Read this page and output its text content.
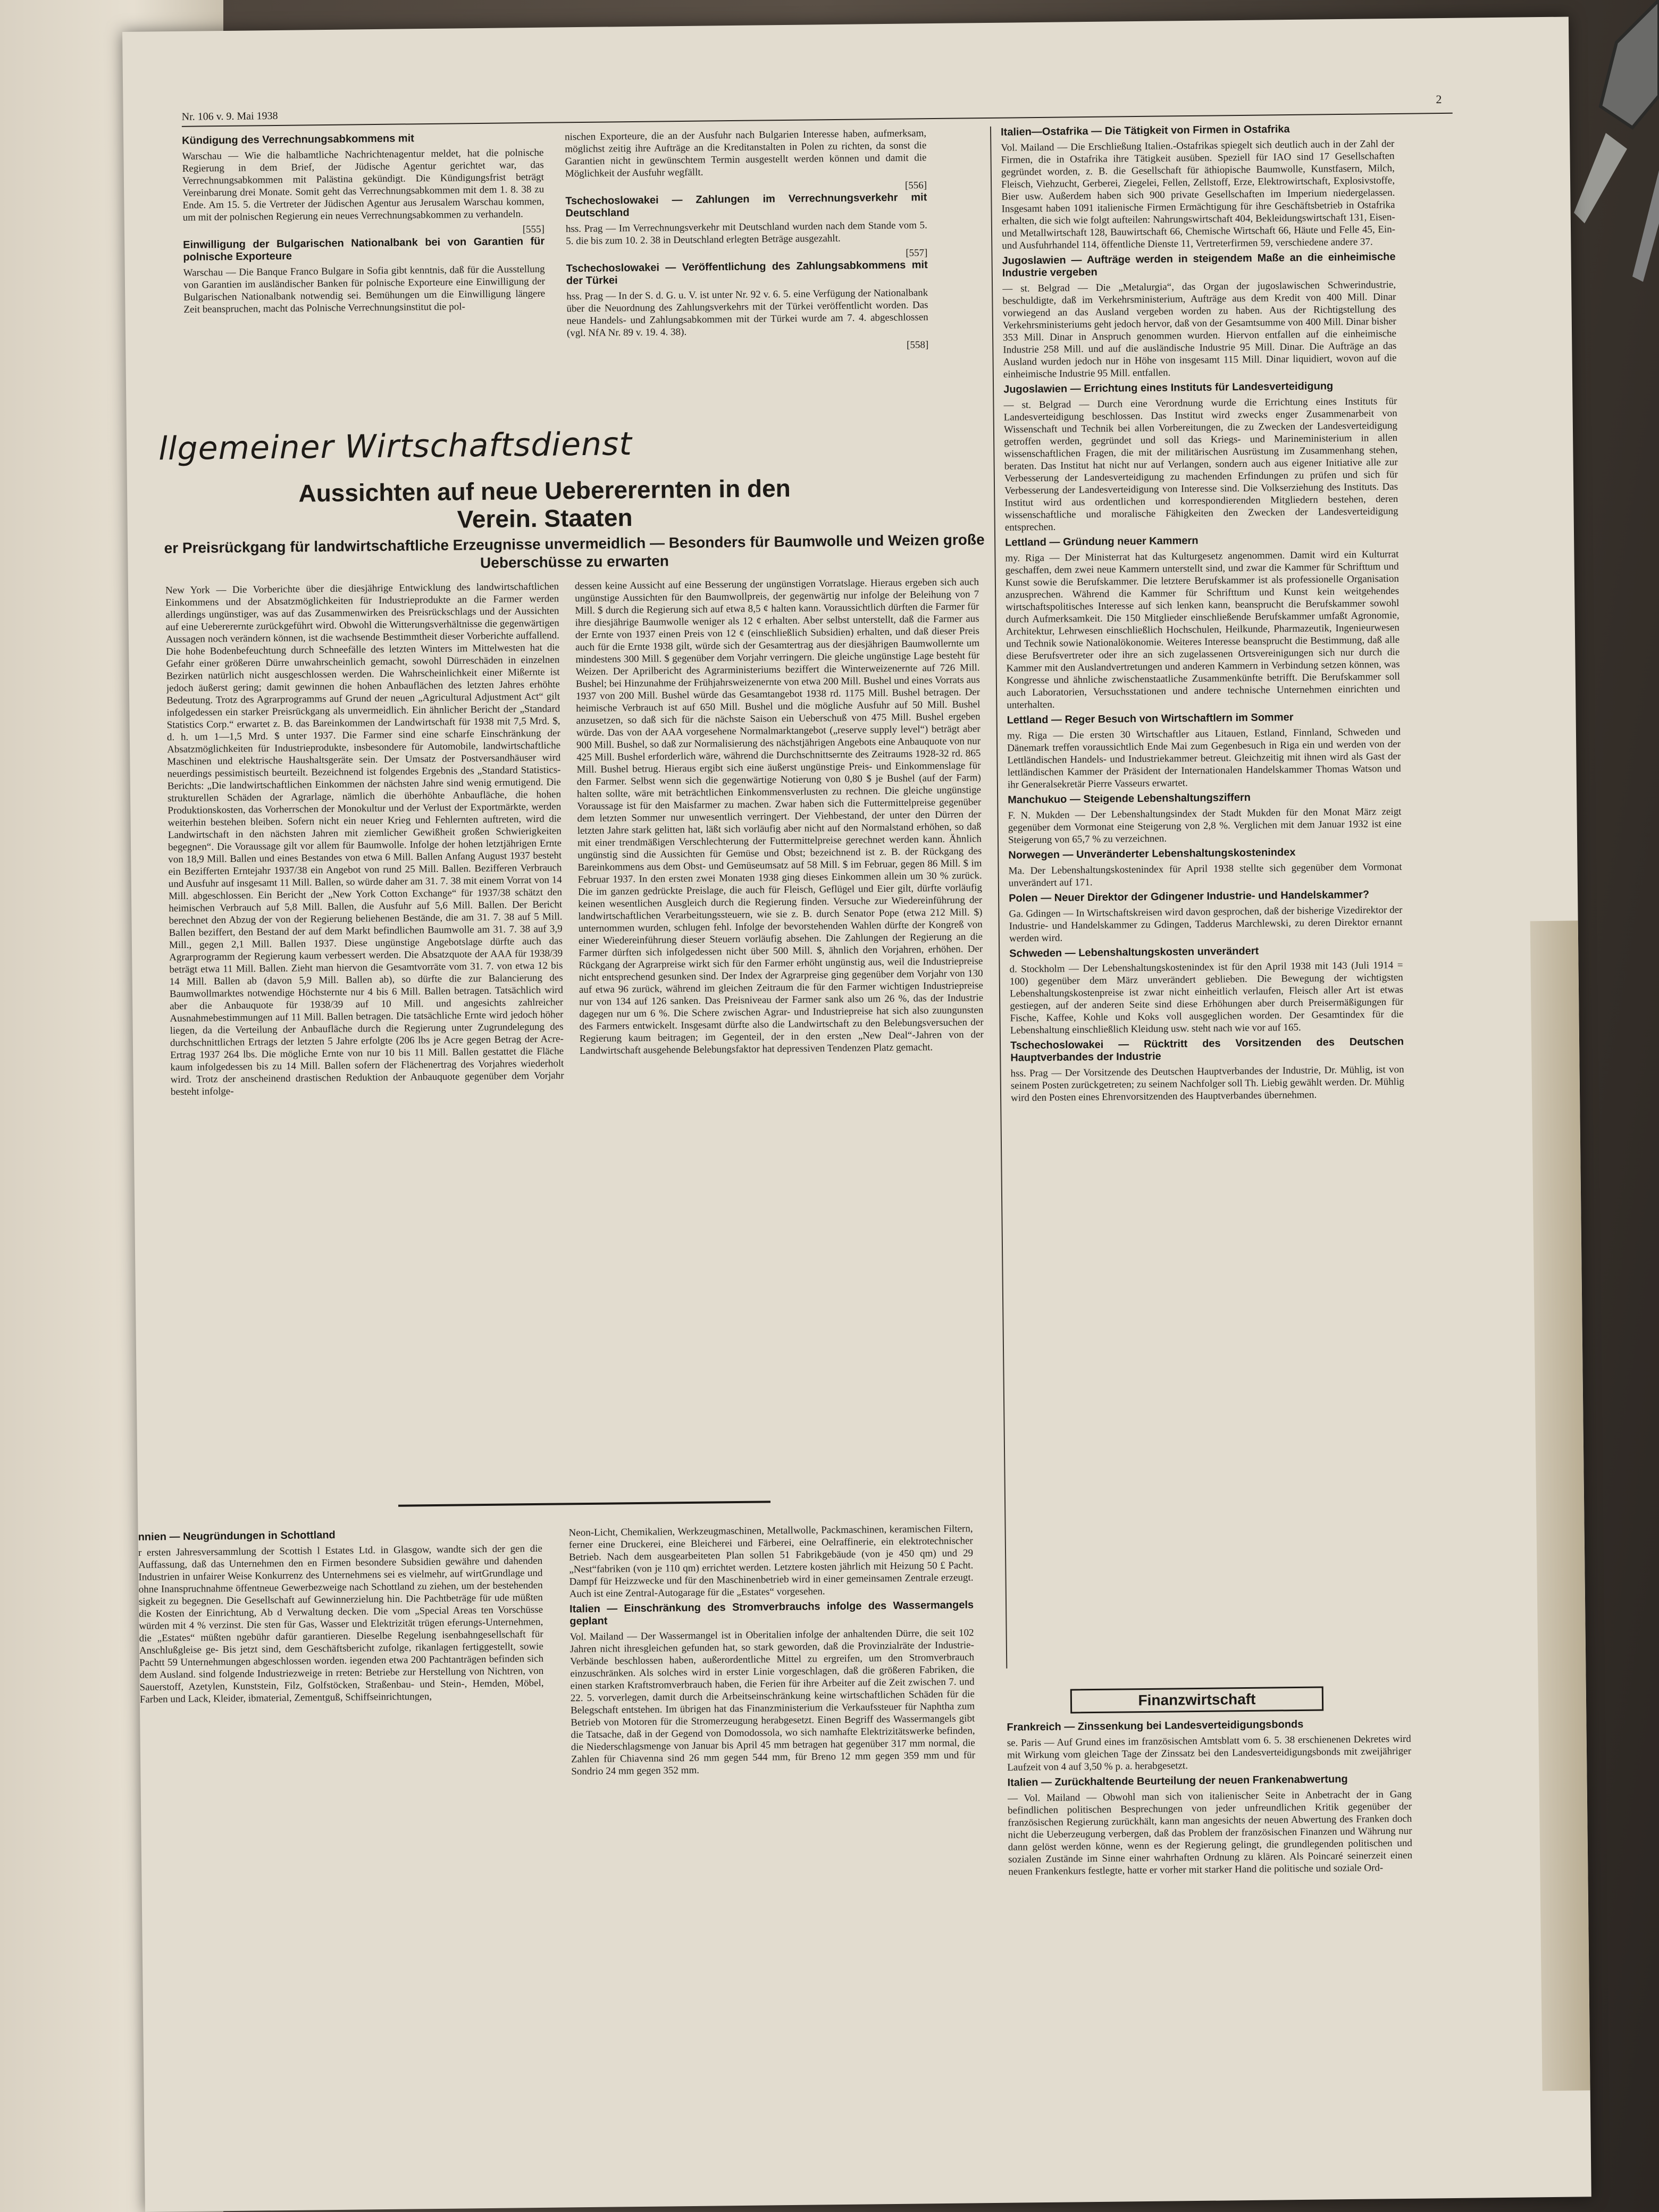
Nr. 106 v. 9. Mai 1938
2

Kündigung des Verrechnungsabkommens mit

Warschau — Wie die halbamtliche Nachrichtenagentur meldet, hat die polnische Regierung in dem Brief, der Jüdische Agentur gerichtet war, das Verrechnungsabkommen mit Palästina gekündigt. Die Kündigungsfrist beträgt Vereinbarung drei Monate. Somit geht das Verrechnungsabkommen mit dem 1. 8. 38 zu Ende. Am 15. 5. die Vertreter der Jüdischen Agentur aus Jerusalem Warschau kommen, um mit der polnischen Regierung ein neues Verrechnungsabkommen zu verhandeln.

[555]

Einwilligung der Bulgarischen Nationalbank bei von Garantien für polnische Exporteure

Warschau — Die Banque Franco Bulgare in Sofia gibt kenntnis, daß für die Ausstellung von Garantien im ausländischer Banken für polnische Exporteure eine Einwilligung der Bulgarischen Nationalbank notwendig sei. Bemühungen um die Einwilligung längere Zeit beanspruchen, macht das Polnische Verrechnungsinstitut die pol-

nischen Exporteure, die an der Ausfuhr nach Bulgarien Interesse haben, aufmerksam, möglichst zeitig ihre Aufträge an die Kreditanstalten in Polen zu richten, da sonst die Garantien nicht in gewünschtem Termin ausgestellt werden können und damit die Möglichkeit der Ausfuhr wegfällt.

[556]

Tschechoslowakei — Zahlungen im Verrechnungsverkehr mit Deutschland

hss. Prag — Im Verrechnungsverkehr mit Deutschland wurden nach dem Stande vom 5. 5. die bis zum 10. 2. 38 in Deutschland erlegten Beträge ausgezahlt.

[557]

Tschechoslowakei — Veröffentlichung des Zahlungsabkommens mit der Türkei

hss. Prag — In der S. d. G. u. V. ist unter Nr. 92 v. 6. 5. eine Verfügung der Nationalbank über die Neuordnung des Zahlungsverkehrs mit der Türkei veröffentlicht worden. Das neue Handels- und Zahlungsabkommen mit der Türkei wurde am 7. 4. abgeschlossen (vgl. NfA Nr. 89 v. 19. 4. 38).

[558]
llgemeiner Wirtschaftsdienst
Aussichten auf neue Uebererernten in den Verein. Staaten
er Preisrückgang für landwirtschaftliche Erzeugnisse unvermeidlich — Besonders für Baumwolle und Weizen große Ueberschüsse zu erwarten

New York — Die Vorberichte über die diesjährige Entwicklung des landwirtschaftlichen Einkommens und der Absatzmöglichkeiten für Industrieprodukte an die Farmer werden allerdings ungünstiger, was auf das Zusammenwirken des Preisrückschlags und der Aussichten auf eine Uebererernte zurückgeführt wird. Obwohl die Witterungsverhältnisse die gegenwärtigen Aussagen noch verändern können, ist die wachsende Bestimmtheit dieser Vorberichte auffallend. Die hohe Bodenbefeuchtung durch Schneefälle des letzten Winters im Mittelwesten hat die Gefahr einer größeren Dürre unwahrscheinlich gemacht, sowohl Dürreschäden in einzelnen Bezirken natürlich nicht ausgeschlossen werden. Die Wahrscheinlichkeit einer Mißernte ist jedoch äußerst gering; damit gewinnen die hohen Anbauflächen des letzten Jahres erhöhte Bedeutung. Trotz des Agrarprogramms auf Grund der neuen „Agricultural Adjustment Act“ gilt infolgedessen ein starker Preisrückgang als unvermeidlich. Ein ähnlicher Bericht der „Standard Statistics Corp.“ erwartet z. B. das Bareinkommen der Landwirtschaft für 1938 mit 7,5 Mrd. $, d. h. um 1—1,5 Mrd. $ unter 1937. Die Farmer sind eine scharfe Einschränkung der Absatzmöglichkeiten für Industrieprodukte, insbesondere für Automobile, landwirtschaftliche Maschinen und elektrische Haushaltsgeräte sein. Der Umsatz der Postversandhäuser wird neuerdings pessimistisch beurteilt. Bezeichnend ist folgendes Ergebnis des „Standard Statistics-Berichts: „Die landwirtschaftlichen Einkommen der nächsten Jahre sind wenig ermutigend. Die strukturellen Schäden der Agrarlage, nämlich die überhöhte Anbaufläche, die hohen Produktionskosten, das Vorherrschen der Monokultur und der Verlust der Exportmärkte, werden weiterhin bestehen bleiben. Sofern nicht ein neuer Krieg und Fehlernten auftreten, wird die Landwirtschaft in den nächsten Jahren mit ziemlicher Gewißheit großen Schwierigkeiten begegnen“. Die Voraussage gilt vor allem für Baumwolle. Infolge der hohen letztjährigen Ernte von 18,9 Mill. Ballen und eines Bestandes von etwa 6 Mill. Ballen Anfang August 1937 besteht ein Bezifferten Erntejahr 1937/38 ein Angebot von rund 25 Mill. Ballen. Bezifferen Verbrauch und Ausfuhr auf insgesamt 11 Mill. Ballen, so würde daher am 31. 7. 38 mit einem Vorrat von 14 Mill. abgeschlossen. Ein Bericht der „New York Cotton Exchange“ für 1937/38 schätzt den heimischen Verbrauch auf 5,8 Mill. Ballen, die Ausfuhr auf 5,6 Mill. Ballen. Der Bericht berechnet den Abzug der von der Regierung beliehenen Bestände, die am 31. 7. 38 auf 5 Mill. Ballen beziffert, den Bestand der auf dem Markt befindlichen Baumwolle am 31. 7. 38 auf 3,9 Mill., gegen 2,1 Mill. Ballen 1937. Diese ungünstige Angebotslage dürfte auch das Agrarprogramm der Regierung kaum verbessert werden. Die Absatzquote der AAA für 1938/39 beträgt etwa 11 Mill. Ballen. Zieht man hiervon die Gesamtvorräte vom 31. 7. von etwa 12 bis 14 Mill. Ballen ab (davon 5,9 Mill. Ballen ab), so dürfte die zur Balancierung des Baumwollmarktes notwendige Höchsternte nur 4 bis 6 Mill. Ballen betragen. Tatsächlich wird aber die Anbauquote für 1938/39 auf 10 Mill. und angesichts zahlreicher Ausnahmebestimmungen auf 11 Mill. Ballen betragen. Die tatsächliche Ernte wird jedoch höher liegen, da die Verteilung der Anbaufläche durch die Regierung unter Zugrundelegung des durchschnittlichen Ertrags der letzten 5 Jahre erfolgte (206 lbs je Acre gegen Betrag der Acre-Ertrag 1937 264 lbs. Die mögliche Ernte von nur 10 bis 11 Mill. Ballen gestattet die Fläche kaum infolgedessen bis zu 14 Mill. Ballen sofern der Flächenertrag des Vorjahres wiederholt wird. Trotz der anscheinend drastischen Reduktion der Anbauquote gegenüber dem Vorjahr besteht infolge-

dessen keine Aussicht auf eine Besserung der ungünstigen Vorratslage. Hieraus ergeben sich auch ungünstige Aussichten für den Baumwollpreis, der gegenwärtig nur infolge der Beleihung von 7 Mill. $ durch die Regierung sich auf etwa 8,5 ¢ halten kann. Voraussichtlich dürften die Farmer für ihre diesjährige Baumwolle weniger als 12 ¢ erhalten. Aber selbst unterstellt, daß die Farmer aus der Ernte von 1937 einen Preis von 12 ¢ (einschließlich Subsidien) erhalten, und daß dieser Preis auch für die Ernte 1938 gilt, würde sich der Gesamtertrag aus der diesjährigen Baumwollernte um mindestens 300 Mill. $ gegenüber dem Vorjahr verringern. Die gleiche ungünstige Lage besteht für Weizen. Der Aprilbericht des Agrarministeriums beziffert die Winterweizenernte auf 726 Mill. Bushel; bei Hinzunahme der Frühjahrsweizenernte von etwa 200 Mill. Bushel und eines Vorrats aus 1937 von 200 Mill. Bushel würde das Gesamtangebot 1938 rd. 1175 Mill. Bushel betragen. Der heimische Verbrauch ist auf 650 Mill. Bushel und die mögliche Ausfuhr auf 50 Mill. Bushel anzusetzen, so daß sich für die nächste Saison ein Ueberschuß von 475 Mill. Bushel ergeben würde. Das von der AAA vorgesehene Normalmarktangebot („reserve supply level“) beträgt aber 900 Mill. Bushel, so daß zur Normalisierung des nächstjährigen Angebots eine Anbauquote von nur 425 Mill. Bushel erforderlich wäre, während die Durchschnittsernte des Zeitraums 1928-32 rd. 865 Mill. Bushel betrug. Hieraus ergibt sich eine äußerst ungünstige Preis- und Einkommenslage für den Farmer. Selbst wenn sich die gegenwärtige Notierung von 0,80 $ je Bushel (auf der Farm) halten sollte, wäre mit beträchtlichen Einkommensverlusten zu rechnen. Die gleiche ungünstige Voraussage ist für den Maisfarmer zu machen. Zwar haben sich die Futtermittelpreise gegenüber dem letzten Sommer nur unwesentlich verringert. Der Viehbestand, der unter den Dürren der letzten Jahre stark gelitten hat, läßt sich vorläufig aber nicht auf den Normalstand erhöhen, so daß mit einer trendmäßigen Verschlechterung der Futtermittelpreise gerechnet werden kann. Ähnlich ungünstig sind die Aussichten für Gemüse und Obst; bezeichnend ist z. B. der Rückgang des Bareinkommens aus dem Obst- und Gemüseumsatz auf 58 Mill. $ im Februar, gegen 86 Mill. $ im Februar 1937. In den ersten zwei Monaten 1938 ging dieses Einkommen allein um 30 % zurück. Die im ganzen gedrückte Preislage, die auch für Fleisch, Geflügel und Eier gilt, dürfte vorläufig keinen wesentlichen Ausgleich durch die Regierung finden. Versuche zur Wiedereinführung der landwirtschaftlichen Verarbeitungssteuern, wie sie z. B. durch Senator Pope (etwa 212 Mill. $) unternommen wurden, schlugen fehl. Infolge der bevorstehenden Wahlen dürfte der Kongreß von einer Wiedereinführung dieser Steuern vorläufig absehen. Die Zahlungen der Regierung an die Farmer dürften sich infolgedessen nicht über 500 Mill. $, ähnlich den Vorjahren, erhöhen. Der Rückgang der Agrarpreise wirkt sich für den Farmer erhöht ungünstig aus, weil die Industriepreise nicht entsprechend gesunken sind. Der Index der Agrarpreise ging gegenüber dem Vorjahr von 130 auf etwa 96 zurück, während im gleichen Zeitraum die für den Farmer wichtigen Industriepreise nur von 134 auf 126 sanken. Das Preisniveau der Farmer sank also um 26 %, das der Industrie dagegen nur um 6 %. Die Schere zwischen Agrar- und Industriepreise hat sich also zuungunsten des Farmers entwickelt. Insgesamt dürfte also die Landwirtschaft zu den Belebungsversuchen der Regierung kaum beitragen; im Gegenteil, der in den ersten „New Deal“-Jahren von der Landwirtschaft ausgehende Belebungsfaktor hat depressiven Tendenzen Platz gemacht.

Italien—Ostafrika — Die Tätigkeit von Firmen in Ostafrika

Vol. Mailand — Die Erschließung Italien.-Ostafrikas spiegelt sich deutlich auch in der Zahl der Firmen, die in Ostafrika ihre Tätigkeit ausüben. Speziell für IAO sind 17 Gesellschaften gegründet worden, z. B. die Gesellschaft für äthiopische Baumwolle, Kunstfasern, Milch, Fleisch, Viehzucht, Gerberei, Ziegelei, Fellen, Zellstoff, Erze, Elektrowirtschaft, Explosivstoffe, Bier usw. Außerdem haben sich 900 private Gesellschaften im Imperium niedergelassen. Insgesamt haben 1091 italienische Firmen Ermächtigung für ihre Geschäftsbetrieb in Ostafrika erhalten, die sich wie folgt aufteilen: Nahrungswirtschaft 404, Bekleidungswirtschaft 131, Eisen- und Metallwirtschaft 128, Bauwirtschaft 66, Chemische Wirtschaft 66, Häute und Felle 45, Ein- und Ausfuhrhandel 114, öffentliche Dienste 11, Vertreterfirmen 59, verschiedene andere 37.

Jugoslawien — Aufträge werden in steigendem Maße an die einheimische Industrie vergeben

— st. Belgrad — Die „Metalurgia“, das Organ der jugoslawischen Schwerindustrie, beschuldigte, daß im Verkehrsministerium, Aufträge aus dem Kredit von 400 Mill. Dinar vorwiegend an das Ausland vergeben worden zu haben. Aus der Richtigstellung des Verkehrsministeriums geht jedoch hervor, daß von der Gesamtsumme von 400 Mill. Dinar bisher 353 Mill. Dinar in Anspruch genommen wurden. Hiervon entfallen auf die einheimische Industrie 258 Mill. und auf die ausländische Industrie 95 Mill. Dinar. Die Aufträge an das Ausland wurden jedoch nur in Höhe von insgesamt 115 Mill. Dinar liquidiert, wovon auf die einheimische Industrie 95 Mill. entfallen.

Jugoslawien — Errichtung eines Instituts für Landesverteidigung

— st. Belgrad — Durch eine Verordnung wurde die Errichtung eines Instituts für Landesverteidigung beschlossen. Das Institut wird zwecks enger Zusammenarbeit von Wissenschaft und Technik bei allen Vorbereitungen, die zu Zwecken der Landesverteidigung getroffen werden, gegründet und soll das Kriegs- und Marineministerium in allen wissenschaftlichen Fragen, die mit der militärischen Ausrüstung im Zusammenhang stehen, beraten. Das Institut hat nicht nur auf Verlangen, sondern auch aus eigener Initiative alle zur Verbesserung der Landesverteidigung zu machenden Erfindungen zu prüfen und sich für Verbesserung der Landesverteidigung von Interesse sind. Die Volkserziehung des Instituts. Das Institut wird aus ordentlichen und korrespondierenden Mitgliedern bestehen, deren wissenschaftliche und moralische Fähigkeiten den Zwecken der Landesverteidigung entsprechen.

Lettland — Gründung neuer Kammern

my. Riga — Der Ministerrat hat das Kulturgesetz angenommen. Damit wird ein Kulturrat geschaffen, dem zwei neue Kammern unterstellt sind, und zwar die Kammer für Schrifttum und Kunst sowie die Berufskammer. Die letztere Berufskammer ist als professionelle Organisation anzusprechen. Während die Kammer für Schrifttum und Kunst kein weitgehendes wirtschaftspolitisches Interesse auf sich lenken kann, beansprucht die Berufskammer sowohl durch Aufmerksamkeit. Die 150 Mitglieder einschließende Berufskammer umfaßt Agronomie, Architektur, Lehrwesen einschließlich Hochschulen, Heilkunde, Pharmazeutik, Ingenieurwesen und Technik sowie Nationalökonomie. Weiteres Interesse beansprucht die Bestimmung, daß alle diese Berufsvertreter oder ihre an sich zugelassenen Ortsvereinigungen sich nur durch die Kammer mit den Auslandvertretungen und anderen Kammern in Verbindung setzen können, was Kongresse und ähnliche zwischenstaatliche Zusammenkünfte betrifft. Die Berufskammer soll auch Laboratorien, Versuchsstationen und andere technische Unternehmen einrichten und unterhalten.

Lettland — Reger Besuch von Wirtschaftlern im Sommer

my. Riga — Die ersten 30 Wirtschaftler aus Litauen, Estland, Finnland, Schweden und Dänemark treffen voraussichtlich Ende Mai zum Gegenbesuch in Riga ein und werden von der Lettländischen Handels- und Industriekammer betreut. Gleichzeitig mit ihnen wird als Gast der lettländischen Kammer der Präsident der Internationalen Handelskammer Thomas Watson und ihr Generalsekretär Pierre Vasseurs erwartet.

Manchukuo — Steigende Lebenshaltungsziffern

F. N. Mukden — Der Lebenshaltungsindex der Stadt Mukden für den Monat März zeigt gegenüber dem Vormonat eine Steigerung von 2,8 %. Verglichen mit dem Januar 1932 ist eine Steigerung von 65,7 % zu verzeichnen.

Norwegen — Unveränderter Lebenshaltungskostenindex

Ma. Der Lebenshaltungskostenindex für April 1938 stellte sich gegenüber dem Vormonat unverändert auf 171.

Polen — Neuer Direktor der Gdingener Industrie- und Handelskammer?

Ga. Gdingen — In Wirtschaftskreisen wird davon gesprochen, daß der bisherige Vizedirektor der Industrie- und Handelskammer zu Gdingen, Tadderus Marchlewski, zu deren Direktor ernannt werden wird.

Schweden — Lebenshaltungskosten unverändert

d. Stockholm — Der Lebenshaltungskostenindex ist für den April 1938 mit 143 (Juli 1914 = 100) gegenüber dem März unverändert geblieben. Die Bewegung der wichtigsten Lebenshaltungskostenpreise ist zwar nicht einheitlich verlaufen, Fleisch aller Art ist etwas gestiegen, auf der anderen Seite sind diese Erhöhungen aber durch Preisermäßigungen für Fische, Kaffee, Kohle und Koks voll ausgeglichen worden. Der Gesamtindex für die Lebenshaltung einschließlich Kleidung usw. steht nach wie vor auf 165.

Tschechoslowakei — Rücktritt des Vorsitzenden des Deutschen Hauptverbandes der Industrie

hss. Prag — Der Vorsitzende des Deutschen Hauptverbandes der Industrie, Dr. Mühlig, ist von seinem Posten zurückgetreten; zu seinem Nachfolger soll Th. Liebig gewählt werden. Dr. Mühlig wird den Posten eines Ehrenvorsitzenden des Hauptverbandes übernehmen.

nnien — Neugründungen in Schottland

r ersten Jahresversammlung der Scottish l Estates Ltd. in Glasgow, wandte sich der gen die Auffassung, daß das Unternehmen den en Firmen besondere Subsidien gewähre und dahenden Industrien in unfairer Weise Konkurrenz des Unternehmens sei es vielmehr, auf wirtGrundlage und ohne Inanspruchnahme öffentneue Gewerbezweige nach Schottland zu ziehen, um der bestehenden sigkeit zu begegnen. Die Gesellschaft auf Gewinnerzielung hin. Die Pachtbeträge für ude müßten die Kosten der Einrichtung, Ab d Verwaltung decken. Die vom „Special Areas ten Vorschüsse würden mit 4 % verzinst. Die sten für Gas, Wasser und Elektrizität trügen eferungs-Unternehmen, die „Estates“ müßten ngebühr dafür garantieren. Dieselbe Regelung isenbahngesellschaft für Anschlußgleise ge- Bis jetzt sind, dem Geschäftsbericht zufolge, rikanlagen fertiggestellt, sowie Pachtt 59 Unternehmungen abgeschlossen worden. iegenden etwa 200 Pachtanträgen befinden sich dem Ausland. sind folgende Industriezweige in rreten: Betriebe zur Herstellung von Nichtren, von Sauerstoff, Azetylen, Kunststein, Filz, Golfstöcken, Straßenbau- und Stein-, Hemden, Möbel, Farben und Lack, Kleider, ibmaterial, Zementguß, Schiffseinrichtungen,

Neon-Licht, Chemikalien, Werkzeugmaschinen, Metallwolle, Packmaschinen, keramischen Filtern, ferner eine Druckerei, eine Bleicherei und Färberei, eine Oelraffinerie, ein elektrotechnischer Betrieb. Nach dem ausgearbeiteten Plan sollen 51 Fabrikgebäude (von je 450 qm) und 29 „Nest“fabriken (von je 110 qm) errichtet werden. Letztere kosten jährlich mit Heizung 50 £ Pacht. Dampf für Heizzwecke und für den Maschinenbetrieb wird in einer gemeinsamen Zentrale erzeugt. Auch ist eine Zentral-Autogarage für die „Estates“ vorgesehen.

Italien — Einschränkung des Stromverbrauchs infolge des Wassermangels geplant

Vol. Mailand — Der Wassermangel ist in Oberitalien infolge der anhaltenden Dürre, die seit 102 Jahren nicht ihresgleichen gefunden hat, so stark geworden, daß die Provinzialräte der Industrie-Verbände beschlossen haben, außerordentliche Mittel zu ergreifen, um den Stromverbrauch einzuschränken. Als solches wird in erster Linie vorgeschlagen, daß die größeren Fabriken, die einen starken Kraftstromverbrauch haben, die Ferien für ihre Arbeiter auf die Zeit zwischen 7. und 22. 5. vorverlegen, damit durch die Arbeitseinschränkung keine wirtschaftlichen Schäden für die Belegschaft entstehen. Im übrigen hat das Finanzministerium die Verkaufssteuer für Naphtha zum Betrieb von Motoren für die Stromerzeugung herabgesetzt. Einen Begriff des Wassermangels gibt die Tatsache, daß in der Gegend von Domodossola, wo sich namhafte Elektrizitätswerke befinden, die Niederschlagsmenge von Januar bis April 45 mm betragen hat gegenüber 317 mm normal, die Zahlen für Chiavenna sind 26 mm gegen 544 mm, für Breno 12 mm gegen 359 mm und für Sondrio 24 mm gegen 352 mm.

Finanzwirtschaft

Frankreich — Zinssenkung bei Landesverteidigungsbonds

se. Paris — Auf Grund eines im französischen Amtsblatt vom 6. 5. 38 erschienenen Dekretes wird mit Wirkung vom gleichen Tage der Zinssatz bei den Landesverteidigungsbonds mit zweijähriger Laufzeit von 4 auf 3,50 % p. a. herabgesetzt.

Italien — Zurückhaltende Beurteilung der neuen Frankenabwertung

— Vol. Mailand — Obwohl man sich von italienischer Seite in Anbetracht der in Gang befindlichen politischen Besprechungen von jeder unfreundlichen Kritik gegenüber der französischen Regierung zurückhält, kann man angesichts der neuen Abwertung des Franken doch nicht die Ueberzeugung verbergen, daß das Problem der französischen Finanzen und Währung nur dann gelöst werden könne, wenn es der Regierung gelingt, die grundlegenden politischen und sozialen Zustände im Sinne einer wahrhaften Ordnung zu klären. Als Poincaré seinerzeit einen neuen Frankenkurs festlegte, hatte er vorher mit starker Hand die politische und soziale Ord-
